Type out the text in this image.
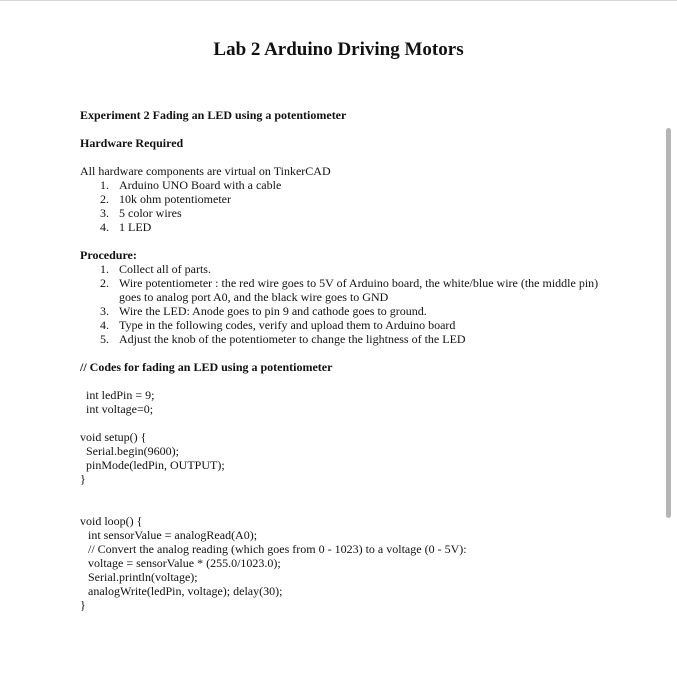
Lab 2 Arduino Driving Motors

Experiment 2 Fading an LED using a potentiometer

Hardware Required

All hardware components are virtual on TinkerCAD

1. Arduino UNO Board with a cable
2. 10k ohm potentiometer
3. 5 color wires
4. 1 LED

Procedure:

1. Collect all of parts.
2. Wire potentiometer : the red wire goes to 5V of Arduino board, the white/blue wire (the middle pin) goes to analog port A0, and the black wire goes to GND
3. Wire the LED: Anode goes to pin 9 and cathode goes to ground.
4. Type in the following codes, verify and upload them to Arduino board
5. Adjust the knob of the potentiometer to change the lightness of the LED

// Codes for fading an LED using a potentiometer

int ledPin = 9;
int voltage=0;
void setup() {
Serial.begin(9600);
pinMode(ledPin, OUTPUT);
}
void loop() {
int sensorValue = analogRead(A0);
// Convert the analog reading (which goes from 0 - 1023) to a voltage (0 - 5V):
voltage = sensorValue * (255.0/1023.0);
Serial.println(voltage);
analogWrite(ledPin, voltage); delay(30);
}
